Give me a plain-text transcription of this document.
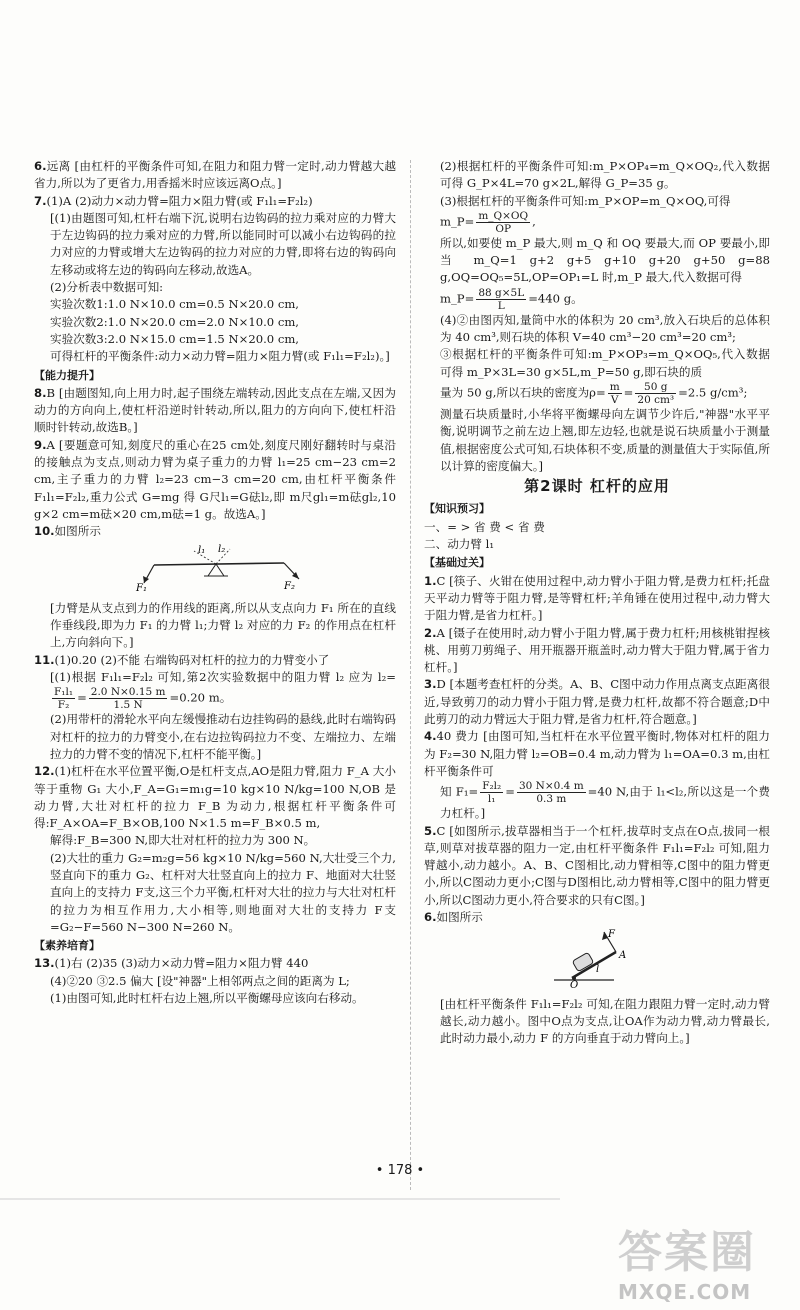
6.远离 [由杠杆的平衡条件可知,在阻力和阻力臂一定时,动力臂越大越省力,所以为了更省力,用香摇米时应该远离O点。]

7.(1)A (2)动力×动力臂=阻力×阻力臂(或 F₁l₁=F₂l₂)

[(1)由题图可知,杠杆右端下沉,说明右边钩码的拉力乘对应的力臂大于左边钩码的拉力乘对应的力臂,所以能同时可以减小右边钩码的拉力对应的力臂或增大左边钩码的拉力对应的力臂,即将右边的钩码向左移动或将左边的钩码向左移动,故选A。

(2)分析表中数据可知:

实验次数1:1.0 N×10.0 cm=0.5 N×20.0 cm,

实验次数2:1.0 N×20.0 cm=2.0 N×10.0 cm,

实验次数3:2.0 N×15.0 cm=1.5 N×20.0 cm,

可得杠杆的平衡条件:动力×动力臂=阻力×阻力臂(或 F₁l₁=F₂l₂)。]

【能力提升】

8.B [由题图知,向上用力时,起子围绕左端转动,因此支点在左端,又因为动力的方向向上,使杠杆沿逆时针转动,所以,阻力的方向向下,使杠杆沿顺时针转动,故选B。]

9.A [要题意可知,刻度尺的重心在25 cm处,刻度尺刚好翻转时与桌沿的接触点为支点,则动力臂为桌子重力的力臂 l₁=25 cm−23 cm=2 cm,主子重力的力臂 l₂=23 cm−3 cm=20 cm,由杠杆平衡条件 F₁l₁=F₂l₂,重力公式 G=mg 得 G尺l₁=G砝l₂,即 m尺gl₁=m砝gl₂,10 g×2 cm=m砝×20 cm,m砝=1 g。故选A。]

10.如图所示

l₁ l₂
F₁	F₂

[力臂是从支点到力的作用线的距离,所以从支点向力 F₁ 所在的直线作垂线段,即为力 F₁ 的力臂 l₁;力臂 l₂ 对应的力 F₂ 的作用点在杠杆上,方向斜向下。]

11.(1)0.20 (2)不能 右端钩码对杠杆的拉力的力臂变小了

[(1)根据 F₁l₁=F₂l₂ 可知,第2次实验数据中的阻力臂 l₂ 应为 l₂=
$\frac{\text{F₁l₁}}{\text{F₂}} = \frac{2.0 N\times 0.15 m}{1.5 N} =0.20$ m。

(2)用带杆的滑轮水平向左缓慢推动右边挂钩码的悬线,此时右端钩码对杠杆的拉力的力臂变小,在右边拉钩码拉力不变、左端拉力、左端拉力的力臂不变的情况下,杠杆不能平衡。]

12.(1)杠杆在水平位置平衡,O是杠杆支点,AO是阻力臂,阻力 F_A 大小等于重物 G₁ 大小,F_A=G₁=m₁g=10 kg×10 N/kg=100 N,OB 是动力臂,大壮对杠杆的拉力 F_B 为动力,根据杠杆平衡条件可得:F_A×OA=F_B×OB,100 N×1.5 m=F_B×0.5 m,

解得:F_B=300 N,即大壮对杠杆的拉力为 300 N。

(2)大壮的重力 G₂=m₂g=56 kg×10 N/kg=560 N,大壮受三个力,竖直向下的重力 G₂、杠杆对大壮竖直向上的拉力 F、地面对大壮竖直向上的支持力 F支,这三个力平衡,杠杆对大壮的拉力与大壮对杠杆的拉力为相互作用力,大小相等,则地面对大壮的支持力 F支=G₂−F=560 N−300 N=260 N。

【素养培育】

13.(1)右 (2)35 (3)动力×动力臂=阻力×阻力臂 440

(4)②20 ③2.5 偏大 [设"神器"上相邻两点之间的距离为 L;

(1)由图可知,此时杠杆右边上翘,所以平衡螺母应该向右移动。

(2)根据杠杆的平衡条件可知:m_P×OP₄=m_Q×OQ₂,代入数据可得 G_P×4L=70 g×2L,解得 G_P=35 g。

(3)根据杠杆的平衡条件可知:m_P×OP=m_Q×OQ,可得

m_P= $\frac{m\_Q\times OQ}{OP}$ ,

所以,如要使 m_P 最大,则 m_Q 和 OQ 要最大,而 OP 要最小,即当 m_Q=1 g+2 g+5 g+10 g+20 g+50 g=88 g,OQ=OQ₅=5L,OP=OP₁=L 时,m_P 最大,代入数据可得

m_P= $\frac{88 g\times 5L}{L} =440$ g。

(4)②由图丙知,量筒中水的体积为 20 cm³,放入石块后的总体积为 40 cm³,则石块的体积 V=40 cm³−20 cm³=20 cm³;

③根据杠杆的平衡条件可知:m_P×OP₃=m_Q×OQ₅,代入数据可得 m_P×3L=30 g×5L,m_P=50 g,即石块的质

量为 50 g,所以石块的密度为$\rho= \frac{m}{V} = \frac{50 g}{\text{20 cm³}} =2.5$ g/cm³;

测量石块质量时,小华将平衡螺母向左调节少许后,"神器"水平平衡,说明调节之前左边上翘,即左边轻,也就是说石块质量小于测量值,根据密度公式可知,石块体积不变,质量的测量值大于实际值,所以计算的密度偏大。]

第2课时 杠杆的应用
【知识预习】

一、= > 省 费 < 省 费

二、动力臂 l₁

【基础过关】

1.C [筷子、火钳在使用过程中,动力臂小于阻力臂,是费力杠杆;托盘天平动力臂等于阻力臂,是等臂杠杆;羊角锤在使用过程中,动力臂大于阻力臂,是省力杠杆。]

2.A [镊子在使用时,动力臂小于阻力臂,属于费力杠杆;用核桃钳捏核桃、用剪刀剪绳子、用开瓶器开瓶盖时,动力臂大于阻力臂,属于省力杠杆。]

3.D [本题考查杠杆的分类。A、B、C图中动力作用点离支点距离很近,导致剪刀的动力臂小于阻力臂,是费力杠杆,故都不符合题意;D中此剪刀的动力臂远大于阻力臂,是省力杠杆,符合题意。]

4.40 费力 [由图可知,当杠杆在水平位置平衡时,物体对杠杆的阻力为 F₂=30 N,阻力臂 l₂=OB=0.4 m,动力臂为 l₁=OA=0.3 m,由杠杆平衡条件可

知 $F_1= \frac{\text{F₂l₂}}{\text{l₁}} = \frac{30 N\times 0.4 m}{0.3 m} =40$ N,由于 l₁<l₂,所以这是一个费力杠杆。]

5.C [如图所示,拔草器相当于一个杠杆,拔草时支点在O点,拔同一根草,则草对拔草器的阻力一定,由杠杆平衡条件 F₁l₁=F₂l₂ 可知,阻力臂越小,动力越小。A、B、C图相比,动力臂相等,C图中的阻力臂更小,所以C图动力更小;C图与D图相比,动力臂相等,C图中的阻力臂更小,所以C图动力更小,符合要求的只有C图。]

6.如图所示

F
A
O
l

[由杠杆平衡条件 F₁l₁=F₂l₂ 可知,在阻力跟阻力臂一定时,动力臂越长,动力越小。图中O点为支点,让OA作为动力臂,动力臂最长,此时动力最小,动力 F 的方向垂直于动力臂向上。]

• 178 •
答案圈
MXQE.COM
